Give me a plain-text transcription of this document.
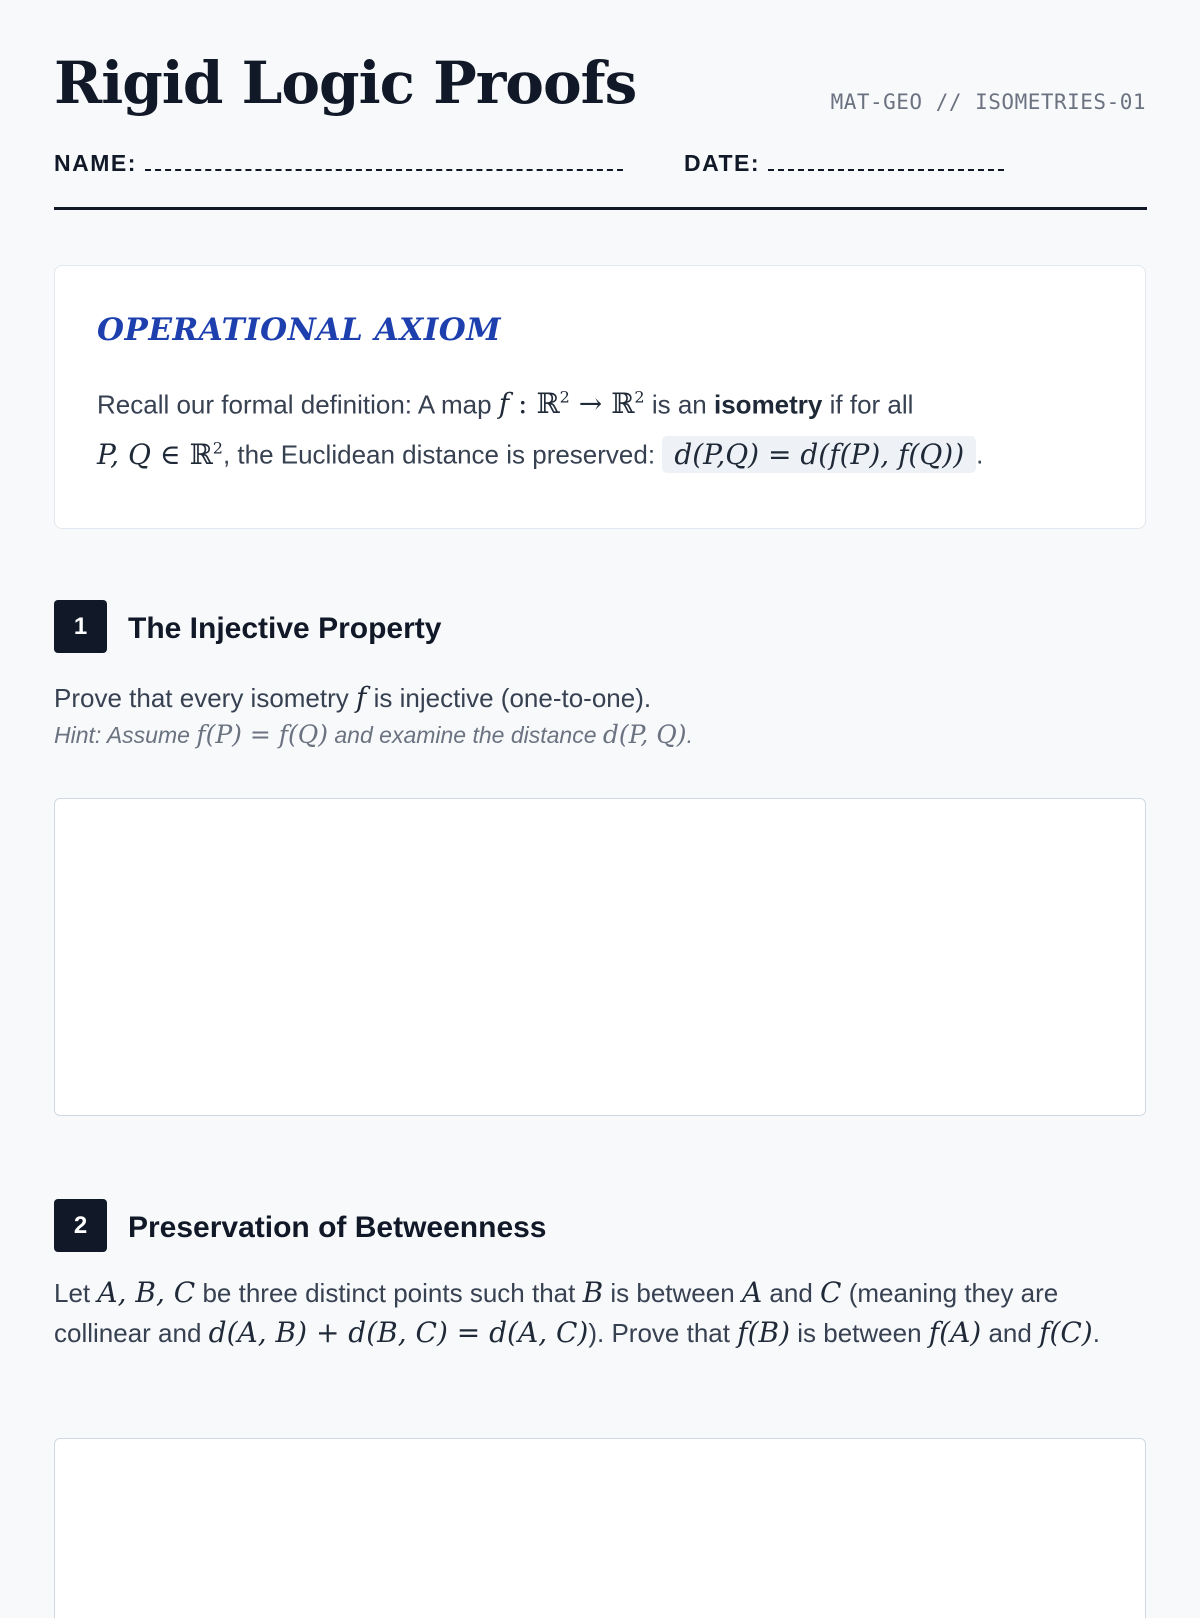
Rigid Logic Proofs	MAT-GEO // ISOMETRIES-01
NAME:	DATE:
OPERATIONAL AXIOM

Recall our formal definition: A map f : ℝ$^2$ → ℝ$^2$ is an isometry if for all
P, Q ∈ ℝ$^2$, the Euclidean distance is preserved: d(P,Q) = d(f(P), f(Q)) .

1	The Injective Property

Prove that every isometry f is injective (one-to-one).

Hint: Assume f(P) = f(Q) and examine the distance d(P, Q).

2	Preservation of Betweenness

Let A, B, C be three distinct points such that B is between A and C (meaning they are collinear and d(A, B) + d(B, C) = d(A, C)). Prove that f(B) is between f(A) and f(C).
